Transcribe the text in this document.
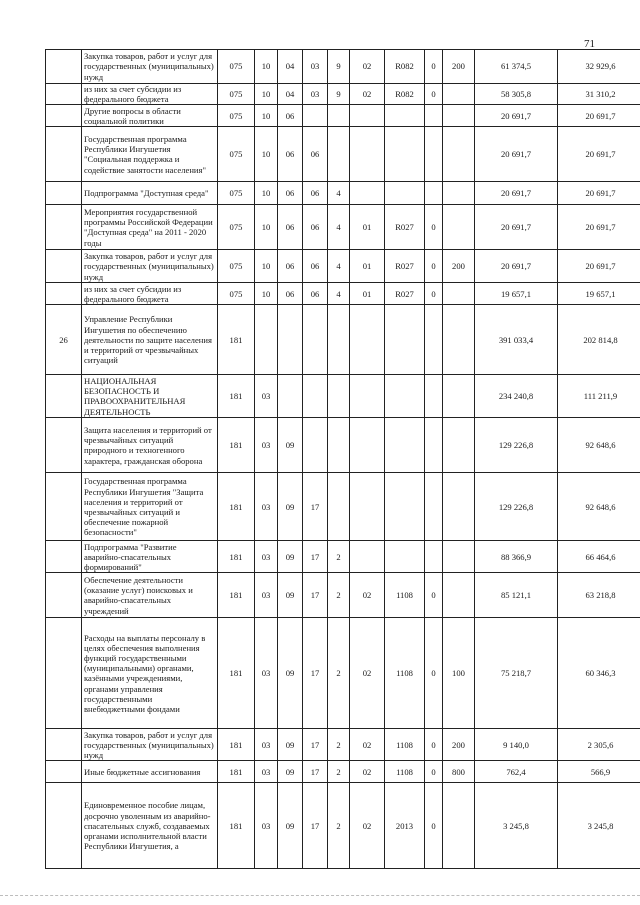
71
	Закупка товаров, работ и услуг для государственных (муниципальных) нужд	075	10	04	03	9	02	R082	0	200	61 374,5	32 929,6
	из них за счет субсидии из федерального бюджета	075	10	04	03	9	02	R082	0		58 305,8	31 310,2
	Другие вопросы в области социальной политики	075	10	06							20 691,7	20 691,7
	Государственная программа Республики Ингушетия "Социальная поддержка и содействие занятости населения"	075	10	06	06						20 691,7	20 691,7
	Подпрограмма "Доступная среда"	075	10	06	06	4					20 691,7	20 691,7
	Мероприятия государственной программы Российской Федерации "Доступная среда" на 2011 - 2020 годы	075	10	06	06	4	01	R027	0		20 691,7	20 691,7
	Закупка товаров, работ и услуг для государственных (муниципальных) нужд	075	10	06	06	4	01	R027	0	200	20 691,7	20 691,7
	из них за счет субсидии из федерального бюджета	075	10	06	06	4	01	R027	0		19 657,1	19 657,1
26	Управление Республики Ингушетия по обеспечению деятельности по защите населения и территорий от чрезвычайных ситуаций	181									391 033,4	202 814,8
	НАЦИОНАЛЬНАЯ БЕЗОПАСНОСТЬ И ПРАВООХРАНИТЕЛЬНАЯ ДЕЯТЕЛЬНОСТЬ	181	03								234 240,8	111 211,9
	Защита населения и территорий от чрезвычайных ситуаций природного и техногенного характера, гражданская оборона	181	03	09							129 226,8	92 648,6
	Государственная программа Республики Ингушетия "Защита населения и территорий от чрезвычайных ситуаций и обеспечение пожарной безопасности"	181	03	09	17						129 226,8	92 648,6
	Подпрограмма "Развитие аварийно-спасательных формирований"	181	03	09	17	2					88 366,9	66 464,6
	Обеспечение деятельности (оказание услуг) поисковых и аварийно-спасательных учреждений	181	03	09	17	2	02	1108	0		85 121,1	63 218,8
	Расходы на выплаты персоналу в целях обеспечения выполнения функций государственными (муниципальными) органами, казёнными учреждениями, органами управления государственными внебюджетными фондами	181	03	09	17	2	02	1108	0	100	75 218,7	60 346,3
	Закупка товаров, работ и услуг для государственных (муниципальных) нужд	181	03	09	17	2	02	1108	0	200	9 140,0	2 305,6
	Иные бюджетные ассигнования	181	03	09	17	2	02	1108	0	800	762,4	566,9
	Единовременное пособие лицам, досрочно уволенным из аварийно-спасательных служб, создаваемых органами исполнительной власти Республики Ингушетия, а	181	03	09	17	2	02	2013	0		3 245,8	3 245,8
